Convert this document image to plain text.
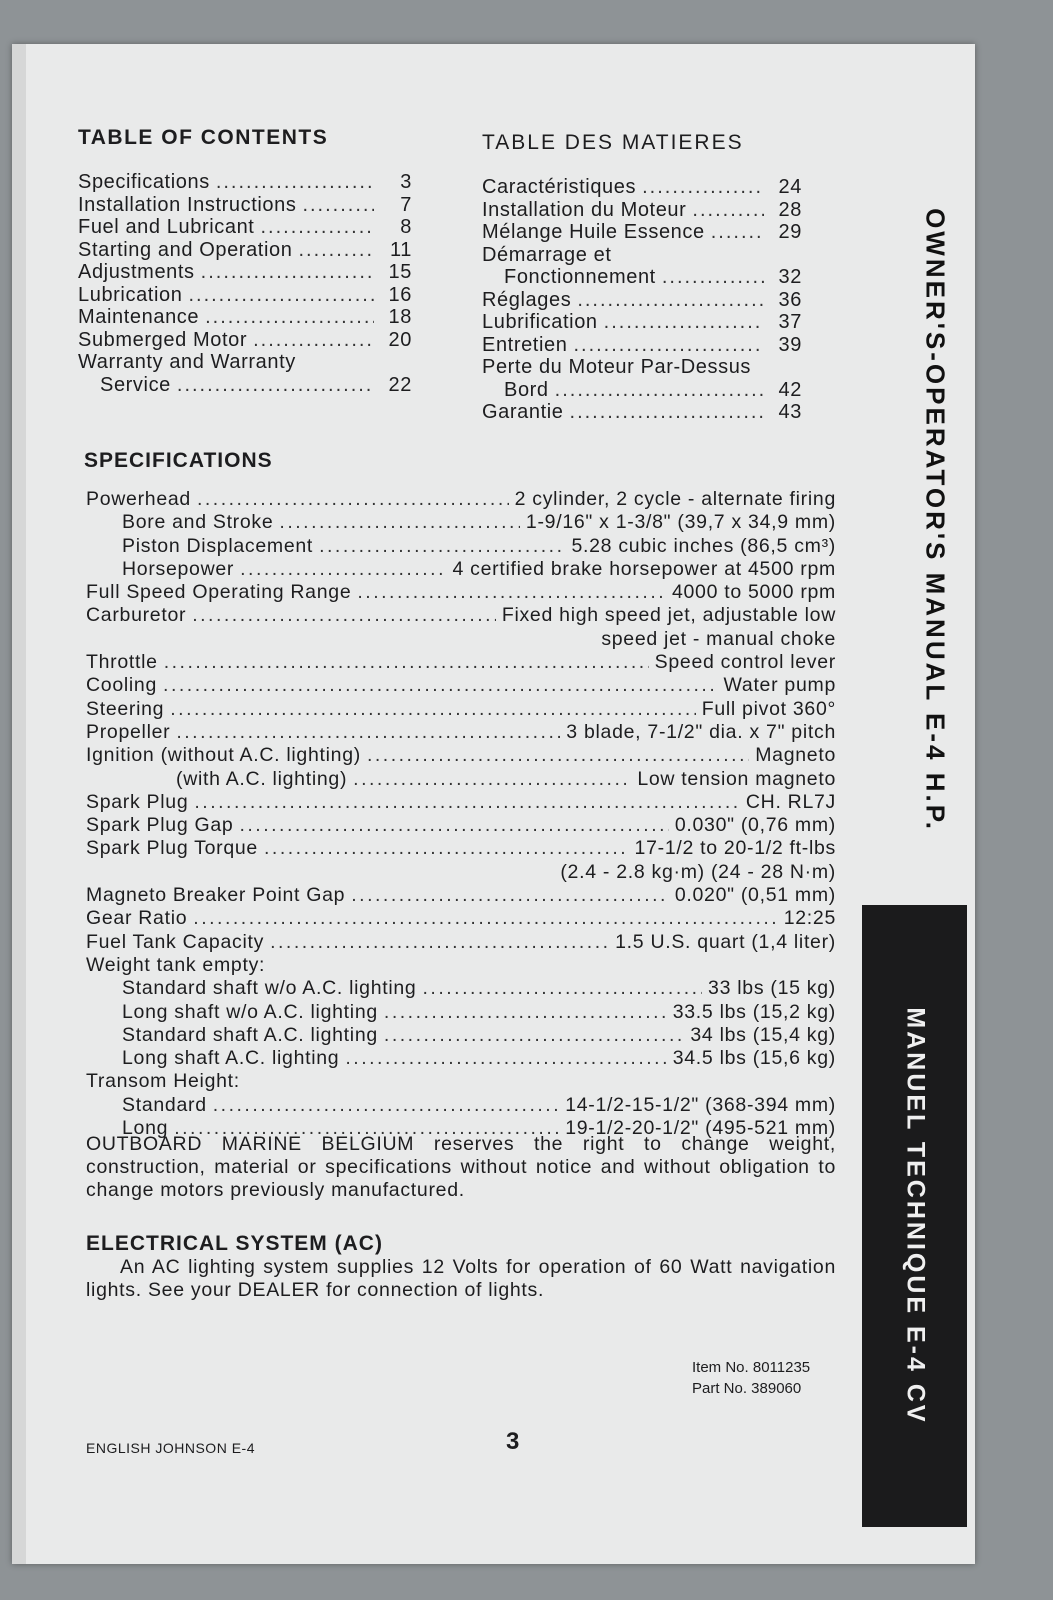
TABLE OF CONTENTS	TABLE DES MATIERES
Specifications .....	3
Installation Instructions .....	7
Fuel and Lubricant .....	8
Starting and Operation .....	11
Adjustments .....	15
Lubrication .....	16
Maintenance .....	18
Submerged Motor .....	20
Warranty and Warranty
Service .....	22
Caractéristiques .....	24
Installation du Moteur .....	28
Mélange Huile Essence .....	29
Démarrage et
Fonctionnement .....	32
Réglages .....	36
Lubrification .....	37
Entretien .....	39
Perte du Moteur Par-Dessus
Bord .....	42
Garantie .....	43
SPECIFICATIONS
Powerhead .....	2 cylinder, 2 cycle - alternate firing
Bore and Stroke .....	1-9/16" x 1-3/8" (39,7 x 34,9 mm)
Piston Displacement .....	5.28 cubic inches (86,5 cm³)
Horsepower .....	4 certified brake horsepower at 4500 rpm
Full Speed Operating Range .....	4000 to 5000 rpm
Carburetor .....	Fixed high speed jet, adjustable low
speed jet - manual choke
Throttle .....	Speed control lever
Cooling .....	Water pump
Steering .....	Full pivot 360°
Propeller .....	3 blade, 7-1/2" dia. x 7" pitch
Ignition (without A.C. lighting) .....	Magneto
(with A.C. lighting) .....	Low tension magneto
Spark Plug .....	CH. RL7J
Spark Plug Gap .....	0.030" (0,76 mm)
Spark Plug Torque .....	17-1/2 to 20-1/2 ft-lbs
(2.4 - 2.8 kg·m) (24 - 28 N·m)
Magneto Breaker Point Gap .....	0.020" (0,51 mm)
Gear Ratio .....	12:25
Fuel Tank Capacity .....	1.5 U.S. quart (1,4 liter)
Weight tank empty:
Standard shaft w/o A.C. lighting .....	33 lbs (15 kg)
Long shaft w/o A.C. lighting .....	33.5 lbs (15,2 kg)
Standard shaft A.C. lighting .....	34 lbs (15,4 kg)
Long shaft A.C. lighting .....	34.5 lbs (15,6 kg)
Transom Height:
Standard .....	14-1/2-15-1/2" (368-394 mm)
Long .....	19-1/2-20-1/2" (495-521 mm)
OUTBOARD MARINE BELGIUM reserves the right to change weight, construction, material or specifications without notice and without obligation to change motors previously manufactured.
ELECTRICAL SYSTEM (AC)
An AC lighting system supplies 12 Volts for operation of 60 Watt navigation lights. See your DEALER for connection of lights.
Item No. 8011235
Part No. 389060
3
ENGLISH JOHNSON E-4
OWNER'S-OPERATOR'S MANUAL E-4 H.P.
MANUEL TECHNIQUE E-4 CV
